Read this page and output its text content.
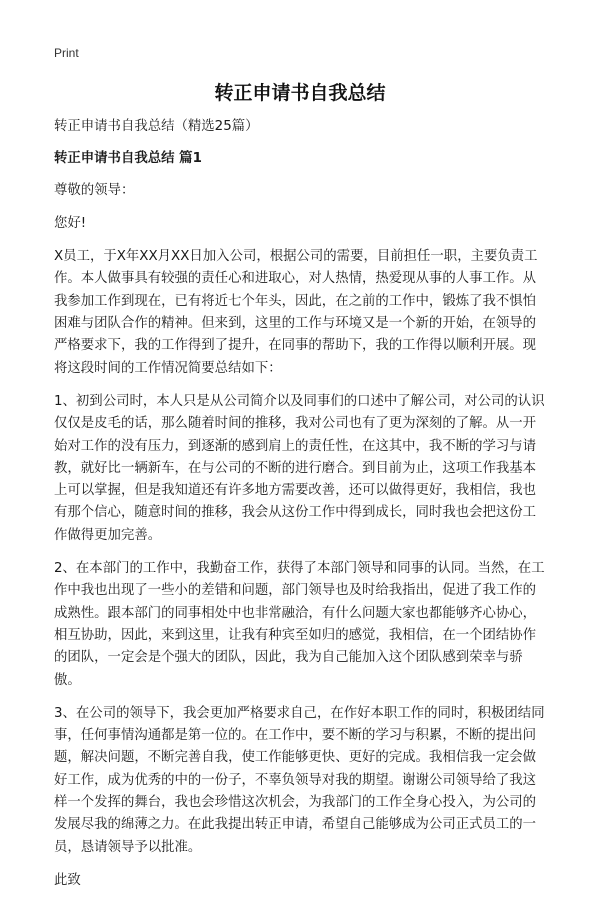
Print
转正申请书自我总结

转正申请书自我总结（精选25篇）

转正申请书自我总结 篇1

尊敬的领导：

您好!

X员工，于X年XX月XX日加入公司，根据公司的需要，目前担任一职，主要负责工作。本人做事具有较强的责任心和进取心，对人热情，热爱现从事的人事工作。从我参加工作到现在，已有将近七个年头，因此，在之前的工作中，锻炼了我不惧怕困难与团队合作的精神。但来到，这里的工作与环境又是一个新的开始，在领导的严格要求下，我的工作得到了提升，在同事的帮助下，我的工作得以顺利开展。现将这段时间的工作情况简要总结如下：

1、初到公司时，本人只是从公司简介以及同事们的口述中了解公司，对公司的认识仅仅是皮毛的话，那么随着时间的推移，我对公司也有了更为深刻的了解。从一开始对工作的没有压力，到逐渐的感到肩上的责任性，在这其中，我不断的学习与请教，就好比一辆新车，在与公司的不断的进行磨合。到目前为止，这项工作我基本上可以掌握，但是我知道还有许多地方需要改善，还可以做得更好，我相信，我也有那个信心，随意时间的推移，我会从这份工作中得到成长，同时我也会把这份工作做得更加完善。

2、在本部门的工作中，我勤奋工作，获得了本部门领导和同事的认同。当然，在工作中我也出现了一些小的差错和问题，部门领导也及时给我指出，促进了我工作的成熟性。跟本部门的同事相处中也非常融洽，有什么问题大家也都能够齐心协心，相互协助，因此，来到这里，让我有种宾至如归的感觉，我相信，在一个团结协作的团队，一定会是个强大的团队，因此，我为自己能加入这个团队感到荣幸与骄傲。

3、在公司的领导下，我会更加严格要求自己，在作好本职工作的同时，积极团结同事，任何事情沟通都是第一位的。在工作中，要不断的学习与积累，不断的提出问题，解决问题，不断完善自我，使工作能够更快、更好的完成。我相信我一定会做好工作，成为优秀的中的一份子，不辜负领导对我的期望。谢谢公司领导给了我这样一个发挥的舞台，我也会珍惜这次机会，为我部门的工作全身心投入，为公司的发展尽我的绵薄之力。在此我提出转正申请，希望自己能够成为公司正式员工的一员，恳请领导予以批准。

此致
